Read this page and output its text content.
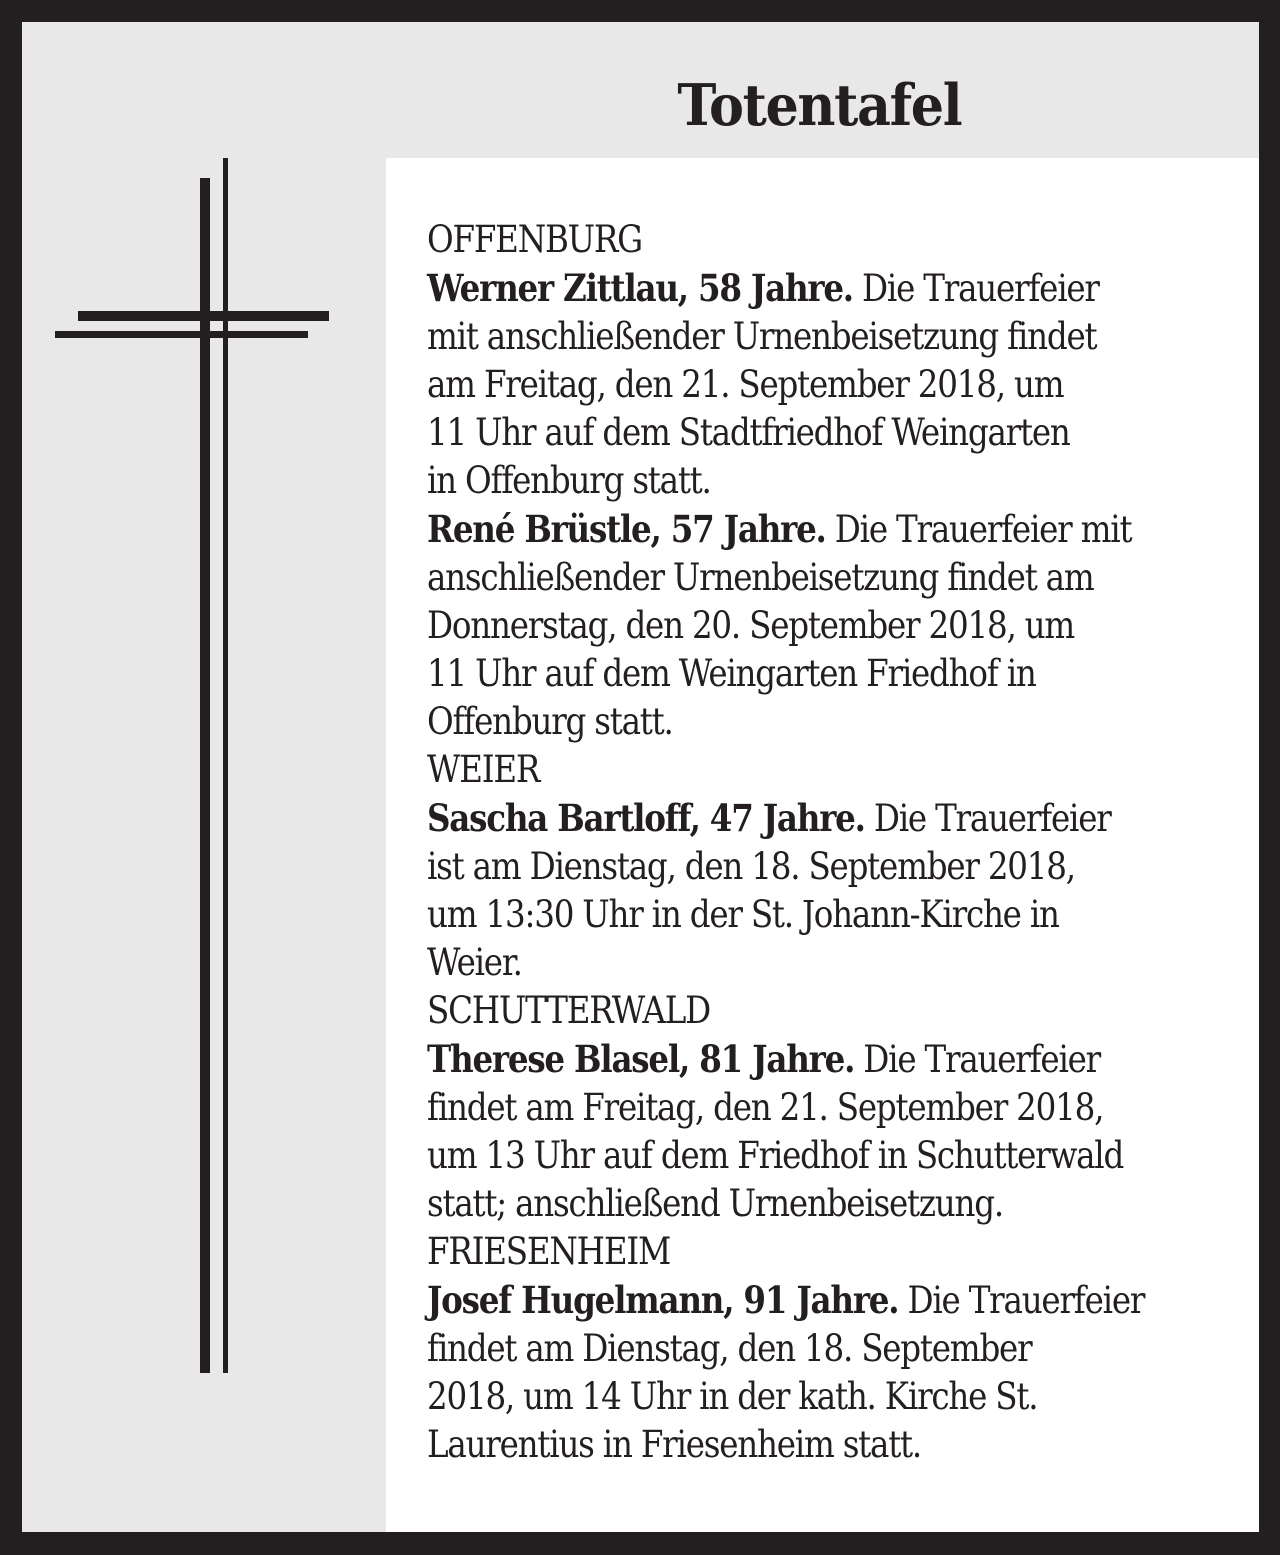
Totentafel
OFFENBURG
Werner Zittlau, 58 Jahre. Die Trauerfeier
mit anschließender Urnenbeisetzung findet
am Freitag, den 21. September 2018, um
11 Uhr auf dem Stadtfriedhof Weingarten
in Offenburg statt.
René Brüstle, 57 Jahre. Die Trauerfeier mit
anschließender Urnenbeisetzung findet am
Donnerstag, den 20. September 2018, um
11 Uhr auf dem Weingarten Friedhof in
Offenburg statt.
WEIER
Sascha Bartloff, 47 Jahre. Die Trauerfeier
ist am Dienstag, den 18. September 2018,
um 13:30 Uhr in der St. Johann-Kirche in
Weier.
SCHUTTERWALD
Therese Blasel, 81 Jahre. Die Trauerfeier
findet am Freitag, den 21. September 2018,
um 13 Uhr auf dem Friedhof in Schutterwald
statt; anschließend Urnenbeisetzung.
FRIESENHEIM
Josef Hugelmann, 91 Jahre. Die Trauerfeier
findet am Dienstag, den 18. September
2018, um 14 Uhr in der kath. Kirche St.
Laurentius in Friesenheim statt.
